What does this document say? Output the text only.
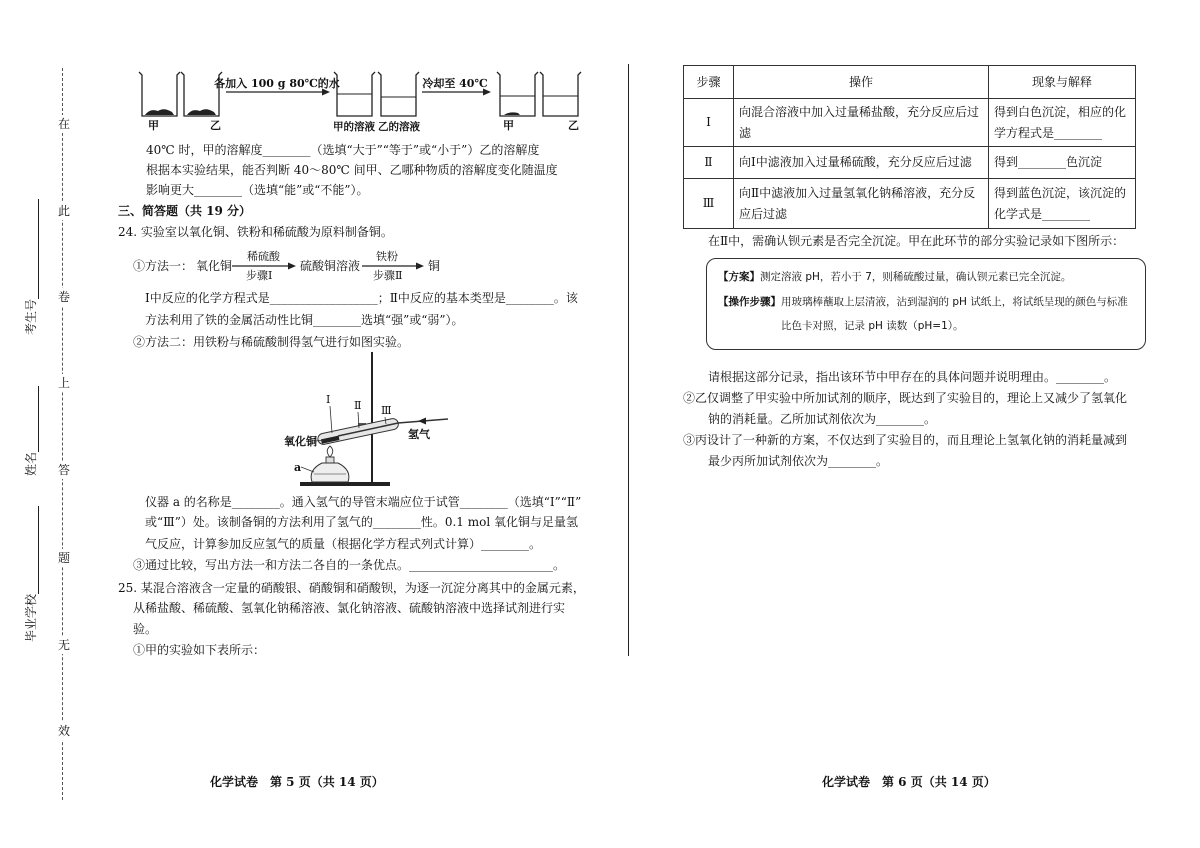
考生号
姓名
毕业学校
在
此
卷
上
答
题
无
效
各加入 100 g 80℃的水	冷却至 40℃
甲	乙	甲的溶液 乙的溶液	甲	乙
40℃ 时，甲的溶解度________（选填“大于”“等于”或“小于”）乙的溶解度
根据本实验结果，能否判断 40～80℃ 间甲、乙哪种物质的溶解度变化随温度
影响更大________（选填“能”或“不能”）。
三、简答题（共 19 分）
24. 实验室以氧化铜、铁粉和稀硫酸为原料制备铜。
①方法一： 氧化铜
稀硫酸
步骤Ⅰ
硫酸铜溶液
铁粉
步骤Ⅱ
铜
Ⅰ中反应的化学方程式是__________________；Ⅱ中反应的基本类型是________。该
方法利用了铁的金属活动性比铜________选填“强”或“弱”）。
②方法二：用铁粉与稀硫酸制得氢气进行如图实验。
氢气
Ⅰ Ⅱ Ⅲ
氧化铜
a
仪器 a 的名称是________。通入氢气的导管末端应位于试管________（选填“Ⅰ”“Ⅱ”
或“Ⅲ”）处。该制备铜的方法利用了氢气的________性。0.1 mol 氧化铜与足量氢
气反应，计算参加反应氢气的质量（根据化学方程式列式计算）________。
③通过比较，写出方法一和方法二各自的一条优点。________________________。
25. 某混合溶液含一定量的硝酸银、硝酸铜和硝酸钡，为逐一沉淀分离其中的金属元素，
从稀盐酸、稀硫酸、氢氧化钠稀溶液、氯化钠溶液、硫酸钠溶液中选择试剂进行实
验。
①甲的实验如下表所示：
化学试卷　第 5 页（共 14 页）
步骤	操作	现象与解释
Ⅰ	向混合溶液中加入过量稀盐酸，充分反应后过滤	得到白色沉淀，相应的化学方程式是________
Ⅱ	向Ⅰ中滤液加入过量稀硫酸，充分反应后过滤	得到________色沉淀
Ⅲ	向Ⅱ中滤液加入过量氢氧化钠稀溶液，充分反应后过滤	得到蓝色沉淀，该沉淀的化学式是________
在Ⅱ中，需确认钡元素是否完全沉淀。甲在此环节的部分实验记录如下图所示：
【方案】测定溶液 pH，若小于 7，则稀硫酸过量，确认钡元素已完全沉淀。
【操作步骤】用玻璃棒蘸取上层清液，沾到湿润的 pH 试纸上，将试纸呈现的颜色与标准
比色卡对照，记录 pH 读数（pH=1）。
请根据这部分记录，指出该环节中甲存在的具体问题并说明理由。________。
②乙仅调整了甲实验中所加试剂的顺序，既达到了实验目的，理论上又减少了氢氧化
钠的消耗量。乙所加试剂依次为________。
③丙设计了一种新的方案，不仅达到了实验目的，而且理论上氢氧化钠的消耗量减到
最少丙所加试剂依次为________。
化学试卷　第 6 页（共 14 页）
